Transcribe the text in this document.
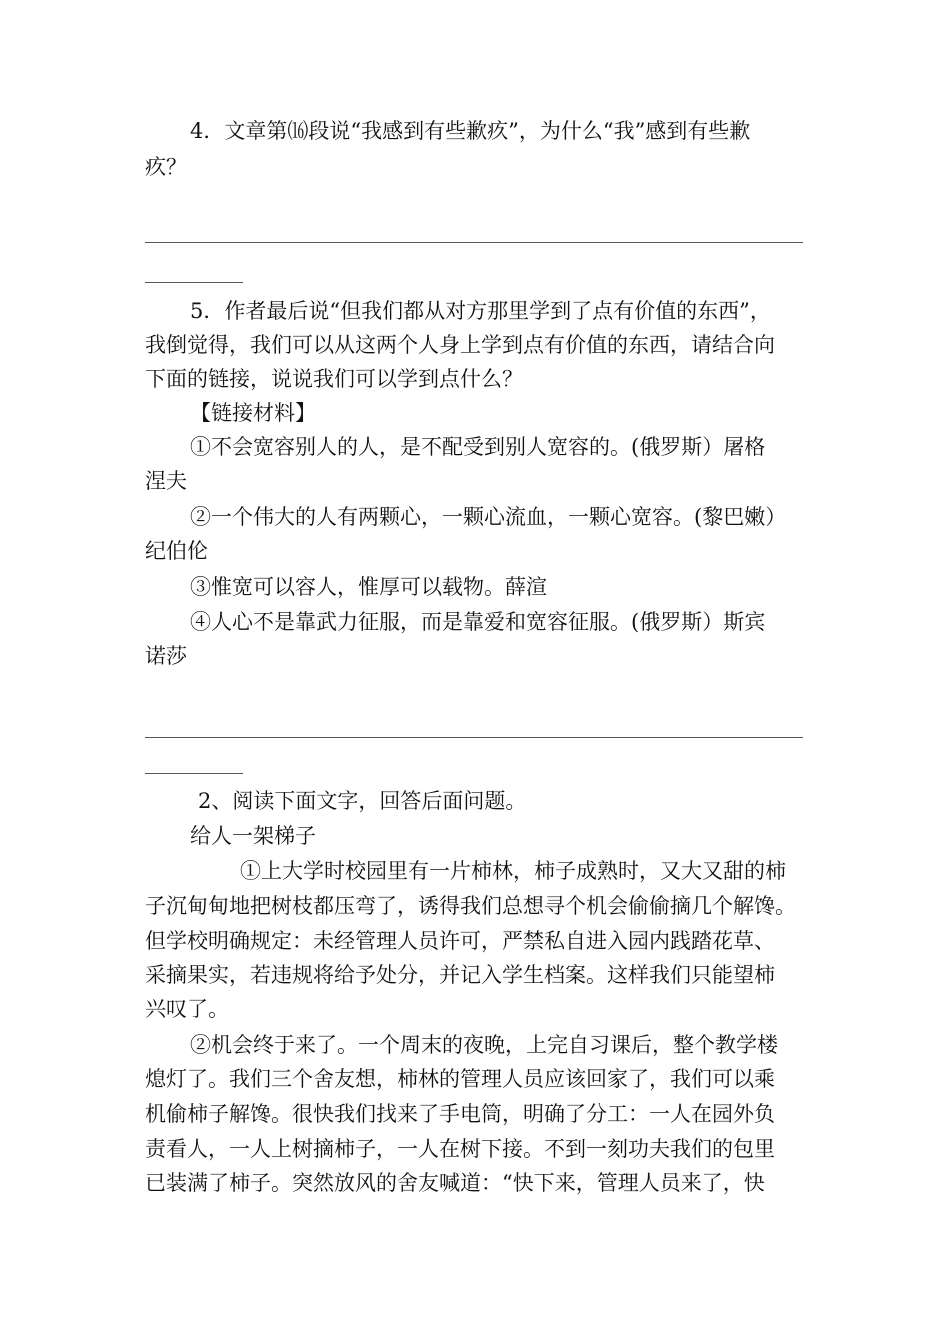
4．文章第⒃段说“我感到有些歉疚”，为什么“我”感到有些歉
疚？
5．作者最后说“但我们都从对方那里学到了点有价值的东西”，
我倒觉得，我们可以从这两个人身上学到点有价值的东西，请结合向
下面的链接，说说我们可以学到点什么？
【链接材料】
①不会宽容别人的人，是不配受到别人宽容的。(俄罗斯）屠格
涅夫
②一个伟大的人有两颗心，一颗心流血，一颗心宽容。(黎巴嫩）
纪伯伦
③惟宽可以容人，惟厚可以载物。薛渲
④人心不是靠武力征服，而是靠爱和宽容征服。(俄罗斯）斯宾
诺莎
2、阅读下面文字，回答后面问题。
给人一架梯子
①上大学时校园里有一片柿林，柿子成熟时，又大又甜的柿
子沉甸甸地把树枝都压弯了，诱得我们总想寻个机会偷偷摘几个解馋。
但学校明确规定：未经管理人员许可，严禁私自进入园内践踏花草、
采摘果实，若违规将给予处分，并记入学生档案。这样我们只能望柿
兴叹了。
②机会终于来了。一个周末的夜晚，上完自习课后，整个教学楼
熄灯了。我们三个舍友想，柿林的管理人员应该回家了，我们可以乘
机偷柿子解馋。很快我们找来了手电筒，明确了分工：一人在园外负
责看人，一人上树摘柿子，一人在树下接。不到一刻功夫我们的包里
已装满了柿子。突然放风的舍友喊道：“快下来，管理人员来了，快
